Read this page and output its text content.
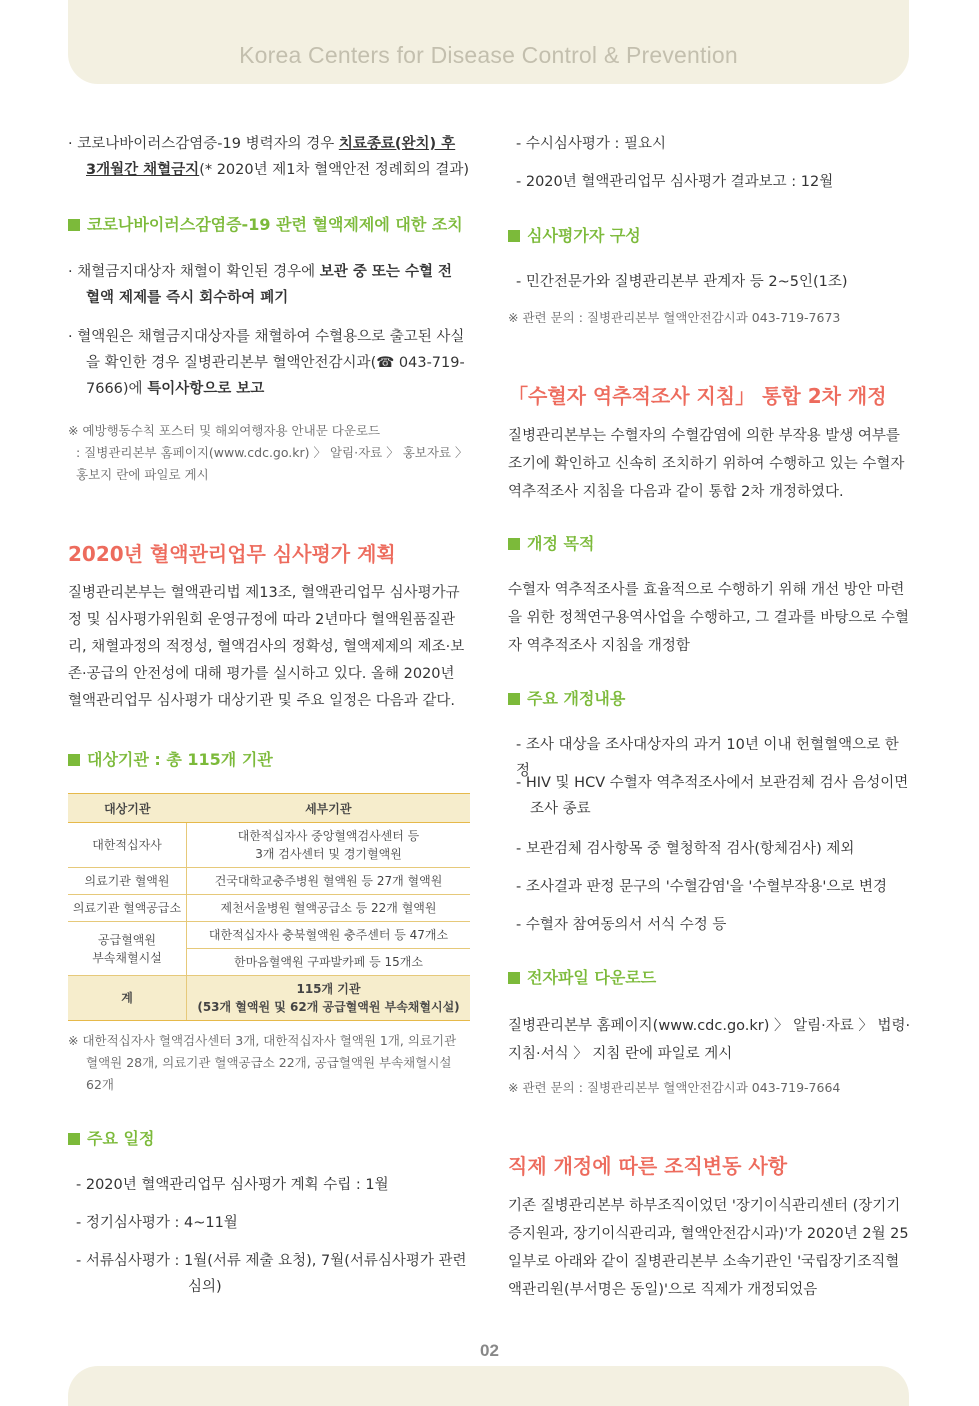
Korea Centers for Disease Control & Prevention
· 코로나바이러스감염증-19 병력자의 경우 치료종료(완치) 후 3개월간 채혈금지(* 2020년 제1차 혈액안전 정례회의 결과)
코로나바이러스감염증-19 관련 혈액제제에 대한 조치
· 채혈금지대상자 채혈이 확인된 경우에 보관 중 또는 수혈 전 혈액 제제를 즉시 회수하여 폐기
· 혈액원은 채혈금지대상자를 채혈하여 수혈용으로 출고된 사실을 확인한 경우 질병관리본부 혈액안전감시과(☎ 043-719-7666)에 특이사항으로 보고
※ 예방행동수칙 포스터 및 해외여행자용 안내문 다운로드
: 질병관리본부 홈페이지(www.cdc.go.kr) 〉 알림·자료 〉 홍보자료 〉 홍보지 란에 파일로 게시
2020년 혈액관리업무 심사평가 계획
질병관리본부는 혈액관리법 제13조, 혈액관리업무 심사평가규정 및 심사평가위원회 운영규정에 따라 2년마다 혈액원품질관리, 채혈과정의 적정성, 혈액검사의 정확성, 혈액제제의 제조·보존·공급의 안전성에 대해 평가를 실시하고 있다. 올해 2020년 혈액관리업무 심사평가 대상기관 및 주요 일정은 다음과 같다.
대상기관 : 총 115개 기관
대상기관	세부기관
대한적십자사	대한적십자사 중앙혈액검사센터 등
3개 검사센터 및 경기혈액원

의료기관 혈액원	건국대학교충주병원 혈액원 등 27개 혈액원
의료기관 혈액공급소	제천서울병원 혈액공급소 등 22개 혈액원

공급혈액원
부속채혈시설	대한적십자사 충북혈액원 충주센터 등 47개소
	한마음혈액원 구파발카페 등 15개소
계	115개 기관
(53개 혈액원 및 62개 공급혈액원 부속채혈시설)
※ 대한적십자사 혈액검사센터 3개, 대한적십자사 혈액원 1개, 의료기관 혈액원 28개, 의료기관 혈액공급소 22개, 공급혈액원 부속채혈시설 62개
주요 일정
- 2020년 혈액관리업무 심사평가 계획 수립 : 1월
- 정기심사평가 : 4~11월
- 서류심사평가 : 1월(서류 제출 요청), 7월(서류심사평가 관련
심의)
- 수시심사평가 : 필요시
- 2020년 혈액관리업무 심사평가 결과보고 : 12월
심사평가자 구성
- 민간전문가와 질병관리본부 관계자 등 2~5인(1조)
※ 관련 문의 : 질병관리본부 혈액안전감시과 043-719-7673
「수혈자 역추적조사 지침」 통합 2차 개정
질병관리본부는 수혈자의 수혈감염에 의한 부작용 발생 여부를 조기에 확인하고 신속히 조치하기 위하여 수행하고 있는 수혈자 역추적조사 지침을 다음과 같이 통합 2차 개정하였다.
개정 목적
수혈자 역추적조사를 효율적으로 수행하기 위해 개선 방안 마련을 위한 정책연구용역사업을 수행하고, 그 결과를 바탕으로 수혈자 역추적조사 지침을 개정함
주요 개정내용
- 조사 대상을 조사대상자의 과거 10년 이내 헌혈혈액으로 한정
- HIV 및 HCV 수혈자 역추적조사에서 보관검체 검사 음성이면 조사 종료
- 보관검체 검사항목 중 혈청학적 검사(항체검사) 제외
- 조사결과 판정 문구의 '수혈감염'을 '수혈부작용'으로 변경
- 수혈자 참여동의서 서식 수정 등
전자파일 다운로드
질병관리본부 홈페이지(www.cdc.go.kr) 〉 알림·자료 〉 법령·지침·서식 〉 지침 란에 파일로 게시
※ 관련 문의 : 질병관리본부 혈액안전감시과 043-719-7664
직제 개정에 따른 조직변동 사항
기존 질병관리본부 하부조직이었던 '장기이식관리센터 (장기기증지원과, 장기이식관리과, 혈액안전감시과)'가 2020년 2월 25일부로 아래와 같이 질병관리본부 소속기관인 '국립장기조직혈액관리원(부서명은 동일)'으로 직제가 개정되었음
02
